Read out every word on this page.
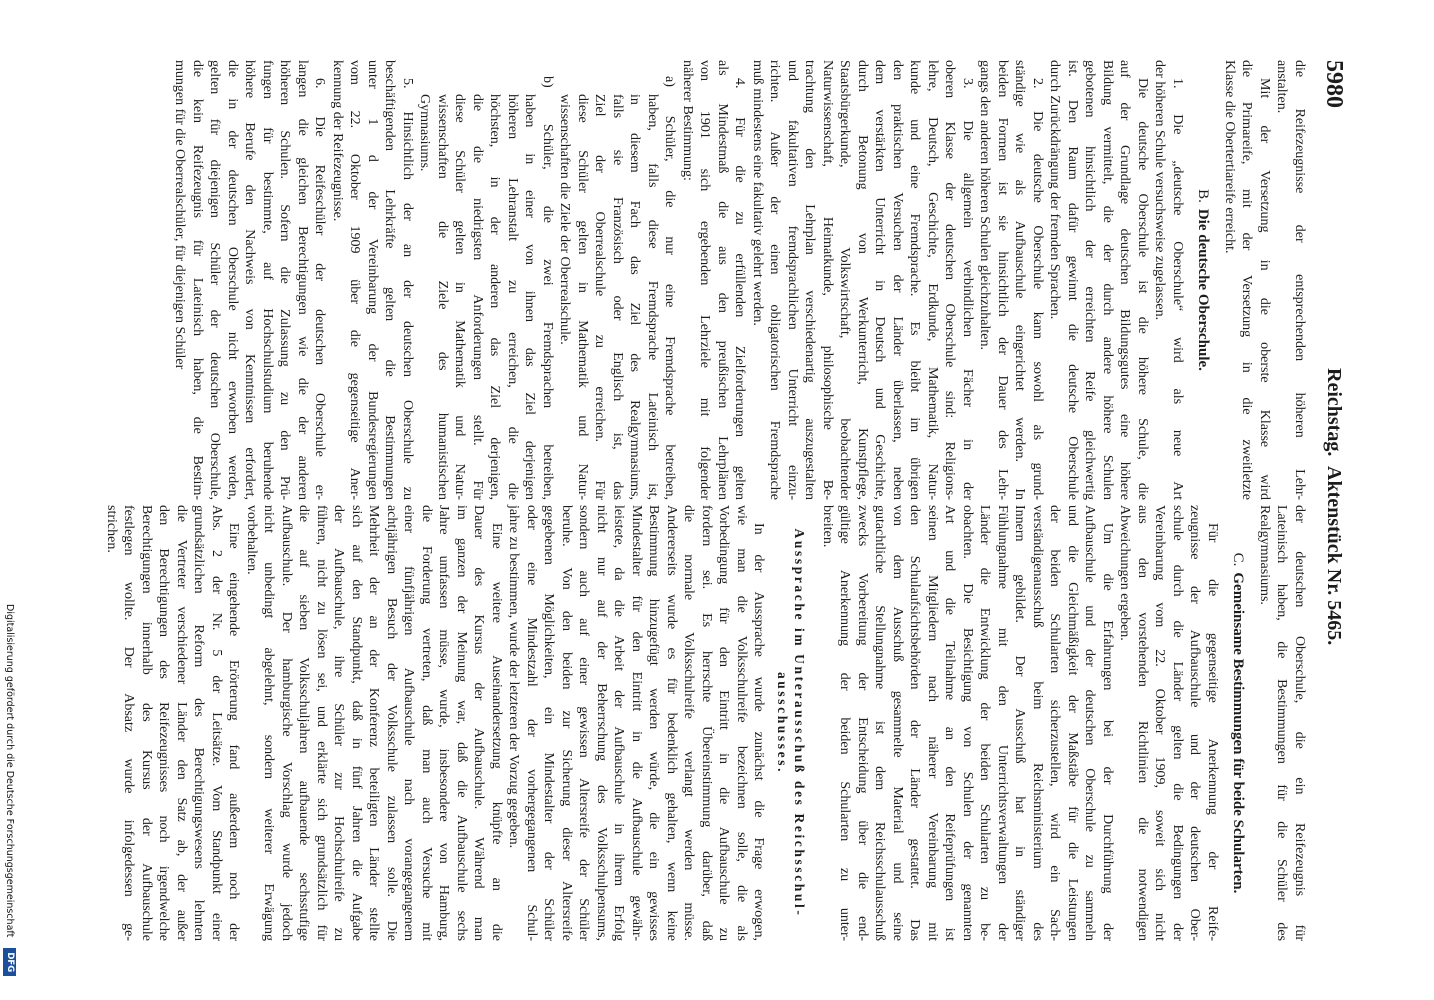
5980
Reichstag.
Aktenstück Nr. 5465.
die Reifezeugnisse der entsprechenden höheren Lehr-
anstalten.
Mit der Versetzung in die oberste Klasse wird
die Primareife, mit der Versetzung in die zweitletzte
Klasse die Obertertiareife erreicht.
B.Die deutsche Oberschule.
1. Die „deutsche Oberschule“ wird als neue Art
der höheren Schule versuchsweise zugelassen.
Die deutsche Oberschule ist die höhere Schule, die
auf der Grundlage deutschen Bildungsgutes eine höhere
Bildung vermittelt, die der durch andere höhere Schulen
gebotenen hinsichtlich der erreichten Reife gleichwertig
ist. Den Raum dafür gewinnt die deutsche Oberschule
durch Zurückdrängung der fremden Sprachen.
2. Die deutsche Oberschule kann sowohl als grund-
ständige wie als Aufbauschule eingerichtet werden. In
beiden Formen ist sie hinsichtlich der Dauer des Lehr-
gangs den anderen höheren Schulen gleichzuhalten.
3. Die allgemein verbindlichen Fächer in der
oberen Klasse der deutschen Oberschule sind: Religions-
lehre, Deutsch, Geschichte, Erdkunde, Mathematik, Natur-
kunde und eine Fremdsprache. Es bleibt im übrigen
den praktischen Versuchen der Länder überlassen, neben
dem verstärkten Unterricht in Deutsch und Geschichte,
durch Betonung von Werkunterricht, Kunstpflege,
Staatsbürgerkunde, Volkswirtschaft, beobachtender
Naturwissenschaft, Heimatkunde, philosophische Be-
trachtung den Lehrplan verschiedenartig auszugestalten
und fakultativen fremdsprachlichen Unterricht einzu-
richten. Außer der einen obligatorischen Fremdsprache
muß mindestens eine fakultativ gelehrt werden.
4. Für die zu erfüllenden Zielforderungen gelten
als Mindestmaß die aus den preußischen Lehrplänen
von 1901 sich ergebenden Lehrziele mit folgender
näherer Bestimmung:
a) Schüler, die nur eine Fremdsprache betreiben,
haben, falls diese Fremdsprache Lateinisch ist,
in diesem Fach das Ziel des Realgymnasiums,
falls sie Französisch oder Englisch ist, das
Ziel der Oberrealschule zu erreichen. Für
diese Schüler gelten in Mathematik und Natur-
wissenschaften die Ziele der Oberrealschule.
b) Schüler, die zwei Fremdsprachen betreiben,
haben in einer von ihnen das Ziel derjenigen
höheren Lehranstalt zu erreichen, die die
höchsten, in der anderen das Ziel derjenigen,
die die niedrigsten Anforderungen stellt. Für
diese Schüler gelten in Mathematik und Natur-
wissenschaften die Ziele des humanistischen
Gymnasiums.
5. Hinsichtlich der an der deutschen Oberschule zu
beschäftigenden Lehrkräfte gelten die Bestimmungen
unter 1 d der Vereinbarung der Bundesregierungen
vom 22. Oktober 1909 über die gegenseitige Aner-
kennung der Reifezeugnisse.
6. Die Reifeschüler der deutschen Oberschule er-
langen die gleichen Berechtigungen wie die der anderen
höheren Schulen. Sofern die Zulassung zu den Prü-
fungen für bestimmte, auf Hochschulstudium beruhende
höhere Berufe den Nachweis von Kenntnissen erfordert,
die in der deutschen Oberschule nicht erworben werden,
gelten für diejenigen Schüler der deutschen Oberschule,
die kein Reifezeugnis für Lateinisch haben, die Bestim-
mungen für die Oberrealschüler, für diejenigen Schüler
der deutschen Oberschule, die ein Reifezeugnis für
Lateinisch haben, die Bestimmungen für die Schüler des
Realgymnasiums.
C.Gemeinsame Bestimmungen für beide Schularten.
Für die gegenseitige Anerkennung der Reife-
zeugnisse der Aufbauschule und der deutschen Ober-
schule durch die Länder gelten die Bedingungen der
Vereinbarung vom 22. Oktober 1909, soweit sich nicht
aus den vorstehenden Richtlinien die notwendigen
Abweichungen ergeben.
Um die Erfahrungen bei der Durchführung der
Aufbauschule und der deutschen Oberschule zu sammeln
und die Gleichmäßigkeit der Maßstäbe für die Leistungen
der beiden Schularten sicherzustellen, wird ein Sach-
verständigenausschuß beim Reichsministerium des
Innern gebildet. Der Ausschuß hat in ständiger
Fühlungnahme mit den Unterrichtsverwaltungen der
Länder die Entwicklung der beiden Schularten zu be-
obachten. Die Besichtigung von Schulen der genannten
Art und die Teilnahme an den Reifeprüfungen ist
seinen Mitgliedern nach näherer Vereinbarung mit
den Schulaufsichtsbehörden der Länder gestattet. Das
von dem Ausschuß gesammelte Material und seine
gutachtliche Stellungnahme ist dem Reichsschulausschuß
zwecks Vorbereitung der Entscheidung über die end-
gültige Anerkennung der beiden Schularten zu unter-
breiten.
Aussprache im Unterausschuß des Reichsschul-
ausschusses.
In der Aussprache wurde zunächst die Frage erwogen,
wie man die Volksschulreife bezeichnen solle, die als
Vorbedingung für den Eintritt in die Aufbauschule zu
fordern sei. Es herrschte Übereinstimmung darüber, daß
die normale Volksschulreife verlangt werden müsse.
Andererseits wurde es für bedenklich gehalten, wenn keine
Bestimmung hinzugefügt werden würde, die ein gewisses
Mindestalter für den Eintritt in die Aufbauschule gewähr-
leistete, da die Arbeit der Aufbauschule in ihrem Erfolg
nicht nur auf der Beherrschung des Volksschulpensums,
sondern auch auf einer gewissen Altersreife der Schüler
beruhe. Von den beiden zur Sicherung dieser Altersreife
gegebenen Möglichkeiten, ein Mindestalter der Schüler
oder eine Mindestzahl der vorhergegangenen Schul-
jahre zu bestimmen, wurde der letzteren der Vorzug gegeben.
Eine weitere Auseinandersetzung knüpfte an die
Dauer des Kursus der Aufbauschule. Während man
im ganzen der Meinung war, daß die Aufbauschule sechs
Jahre umfassen müsse, wurde, insbesondere von Hamburg,
die Forderung vertreten, daß man auch Versuche mit
einer fünfjährigen Aufbauschule nach vorangegangenem
achtjährigen Besuch der Volksschule zulassen solle. Die
Mehrheit der an der Konferenz beteiligten Länder stellte
sich auf den Standpunkt, daß in fünf Jahren die Aufgabe
der Aufbauschule, ihre Schüler zur Hochschulreife zu
führen, nicht zu lösen sei, und erklärte sich grundsätzlich für
die auf sieben Volksschuljahren aufbauende sechsstufige
Aufbauschule. Der hamburgische Vorschlag wurde jedoch
nicht unbedingt abgelehnt, sondern weiterer Erwägung
vorbehalten.
Eine eingehende Erörterung fand außerdem noch der
Abs. 2 der Nr. 5 der Leitsätze. Vom Standpunkt einer
grundsätzlichen Reform des Berechtigungswesens lehnten
die Vertreter verschiedener Länder den Satz ab, der außer
den Berechtigungen des Reifezeugnisses noch irgendwelche
Berechtigungen innerhalb des Kursus der Aufbauschule
festlegen wollte. Der Absatz wurde infolgedessen ge-
strichen.
Digitalisierung gefördert durch die Deutsche Forschungsgemeinschaft DFG
